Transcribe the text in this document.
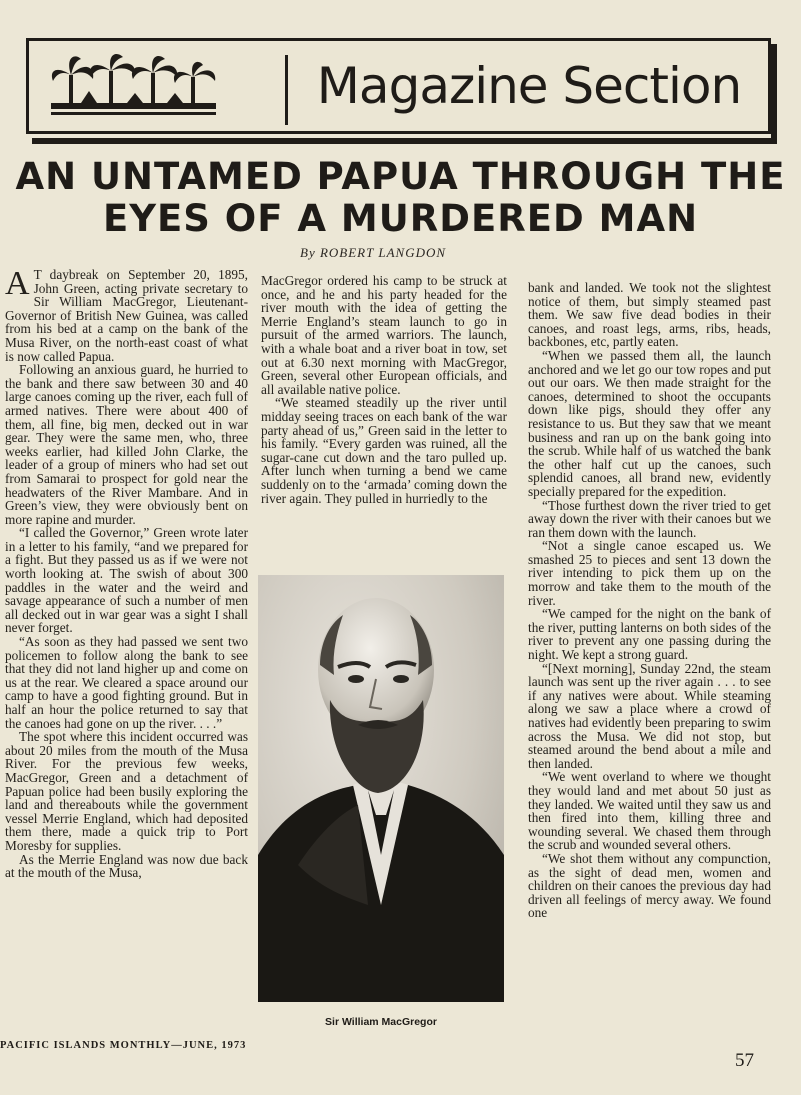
Magazine Section
AN UNTAMED PAPUA THROUGH THE EYES OF A MURDERED MAN
By ROBERT LANGDON

A T daybreak on September 20, 1895, John Green, acting private secretary to Sir William MacGregor, Lieutenant-Governor of British New Guinea, was called from his bed at a camp on the bank of the Musa River, on the north-east coast of what is now called Papua.

Following an anxious guard, he hurried to the bank and there saw between 30 and 40 large canoes coming up the river, each full of armed natives. There were about 400 of them, all fine, big men, decked out in war gear. They were the same men, who, three weeks earlier, had killed John Clarke, the leader of a group of miners who had set out from Samarai to prospect for gold near the headwaters of the River Mambare. And in Green’s view, they were obviously bent on more rapine and murder.

“I called the Governor,” Green wrote later in a letter to his family, “and we prepared for a fight. But they passed us as if we were not worth looking at. The swish of about 300 paddles in the water and the weird and savage appearance of such a number of men all decked out in war gear was a sight I shall never forget.

“As soon as they had passed we sent two policemen to follow along the bank to see that they did not land higher up and come on us at the rear. We cleared a space around our camp to have a good fighting ground. But in half an hour the police returned to say that the canoes had gone on up the river. . . .”

The spot where this incident occurred was about 20 miles from the mouth of the Musa River. For the previous few weeks, MacGregor, Green and a detachment of Papuan police had been busily exploring the land and thereabouts while the government vessel Merrie England, which had deposited them there, made a quick trip to Port Moresby for supplies.

As the Merrie England was now due back at the mouth of the Musa,

MacGregor ordered his camp to be struck at once, and he and his party headed for the river mouth with the idea of getting the Merrie England’s steam launch to go in pursuit of the armed warriors. The launch, with a whale boat and a river boat in tow, set out at 6.30 next morning with MacGregor, Green, several other European officials, and all available native police.

“We steamed steadily up the river until midday seeing traces on each bank of the war party ahead of us,” Green said in the letter to his family. “Every garden was ruined, all the sugar-cane cut down and the taro pulled up. After lunch when turning a bend we came suddenly on to the ‘armada’ coming down the river again. They pulled in hurriedly to the

Sir William MacGregor

bank and landed. We took not the slightest notice of them, but simply steamed past them. We saw five dead bodies in their canoes, and roast legs, arms, ribs, heads, backbones, etc, partly eaten.

“When we passed them all, the launch anchored and we let go our tow ropes and put out our oars. We then made straight for the canoes, determined to shoot the occupants down like pigs, should they offer any resistance to us. But they saw that we meant business and ran up on the bank going into the scrub. While half of us watched the bank the other half cut up the canoes, such splendid canoes, all brand new, evidently specially prepared for the expedition.

“Those furthest down the river tried to get away down the river with their canoes but we ran them down with the launch.

“Not a single canoe escaped us. We smashed 25 to pieces and sent 13 down the river intending to pick them up on the morrow and take them to the mouth of the river.

“We camped for the night on the bank of the river, putting lanterns on both sides of the river to prevent any one passing during the night. We kept a strong guard.

“[Next morning], Sunday 22nd, the steam launch was sent up the river again . . . to see if any natives were about. While steaming along we saw a place where a crowd of natives had evidently been preparing to swim across the Musa. We did not stop, but steamed around the bend about a mile and then landed.

“We went overland to where we thought they would land and met about 50 just as they landed. We waited until they saw us and then fired into them, killing three and wounding several. We chased them through the scrub and wounded several others.

“We shot them without any compunction, as the sight of dead men, women and children on their canoes the previous day had driven all feelings of mercy away. We found one

PACIFIC ISLANDS MONTHLY—JUNE, 1973
57
